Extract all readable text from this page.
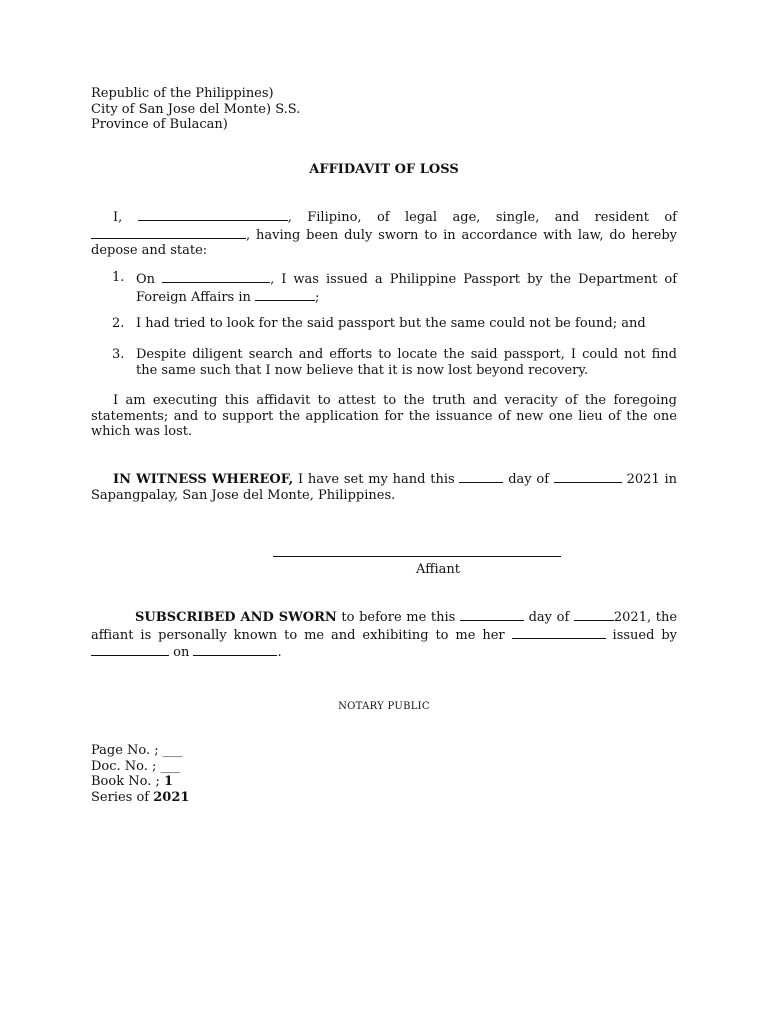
Republic of the Philippines)
City of San Jose del Monte) S.S.
Province of Bulacan)
AFFIDAVIT OF LOSS
I,	, Filipino, of legal age, single, and resident of , having been duly sworn to in accordance with law, do hereby depose and state:
1. On	, I was issued a Philippine Passport by the Department of Foreign Affairs in	;
2. I had tried to look for the said passport but the same could not be found; and
3. Despite diligent search and efforts to locate the said passport, I could not find the same such that I now believe that it is now lost beyond recovery.
I am executing this affidavit to attest to the truth and veracity of the foregoing statements; and to support the application for the issuance of new one lieu of the one which was lost.
IN WITNESS WHEREOF, I have set my hand this	day of	2021 in Sapangpalay, San Jose del Monte, Philippines.
Affiant
SUBSCRIBED AND SWORN to before me this	day of	2021, the affiant is personally known to me and exhibiting to me her	issued by  on	.
NOTARY PUBLIC
Page No. ; ___
Doc. No. ; ___
Book No. ; 1
Series of 2021
